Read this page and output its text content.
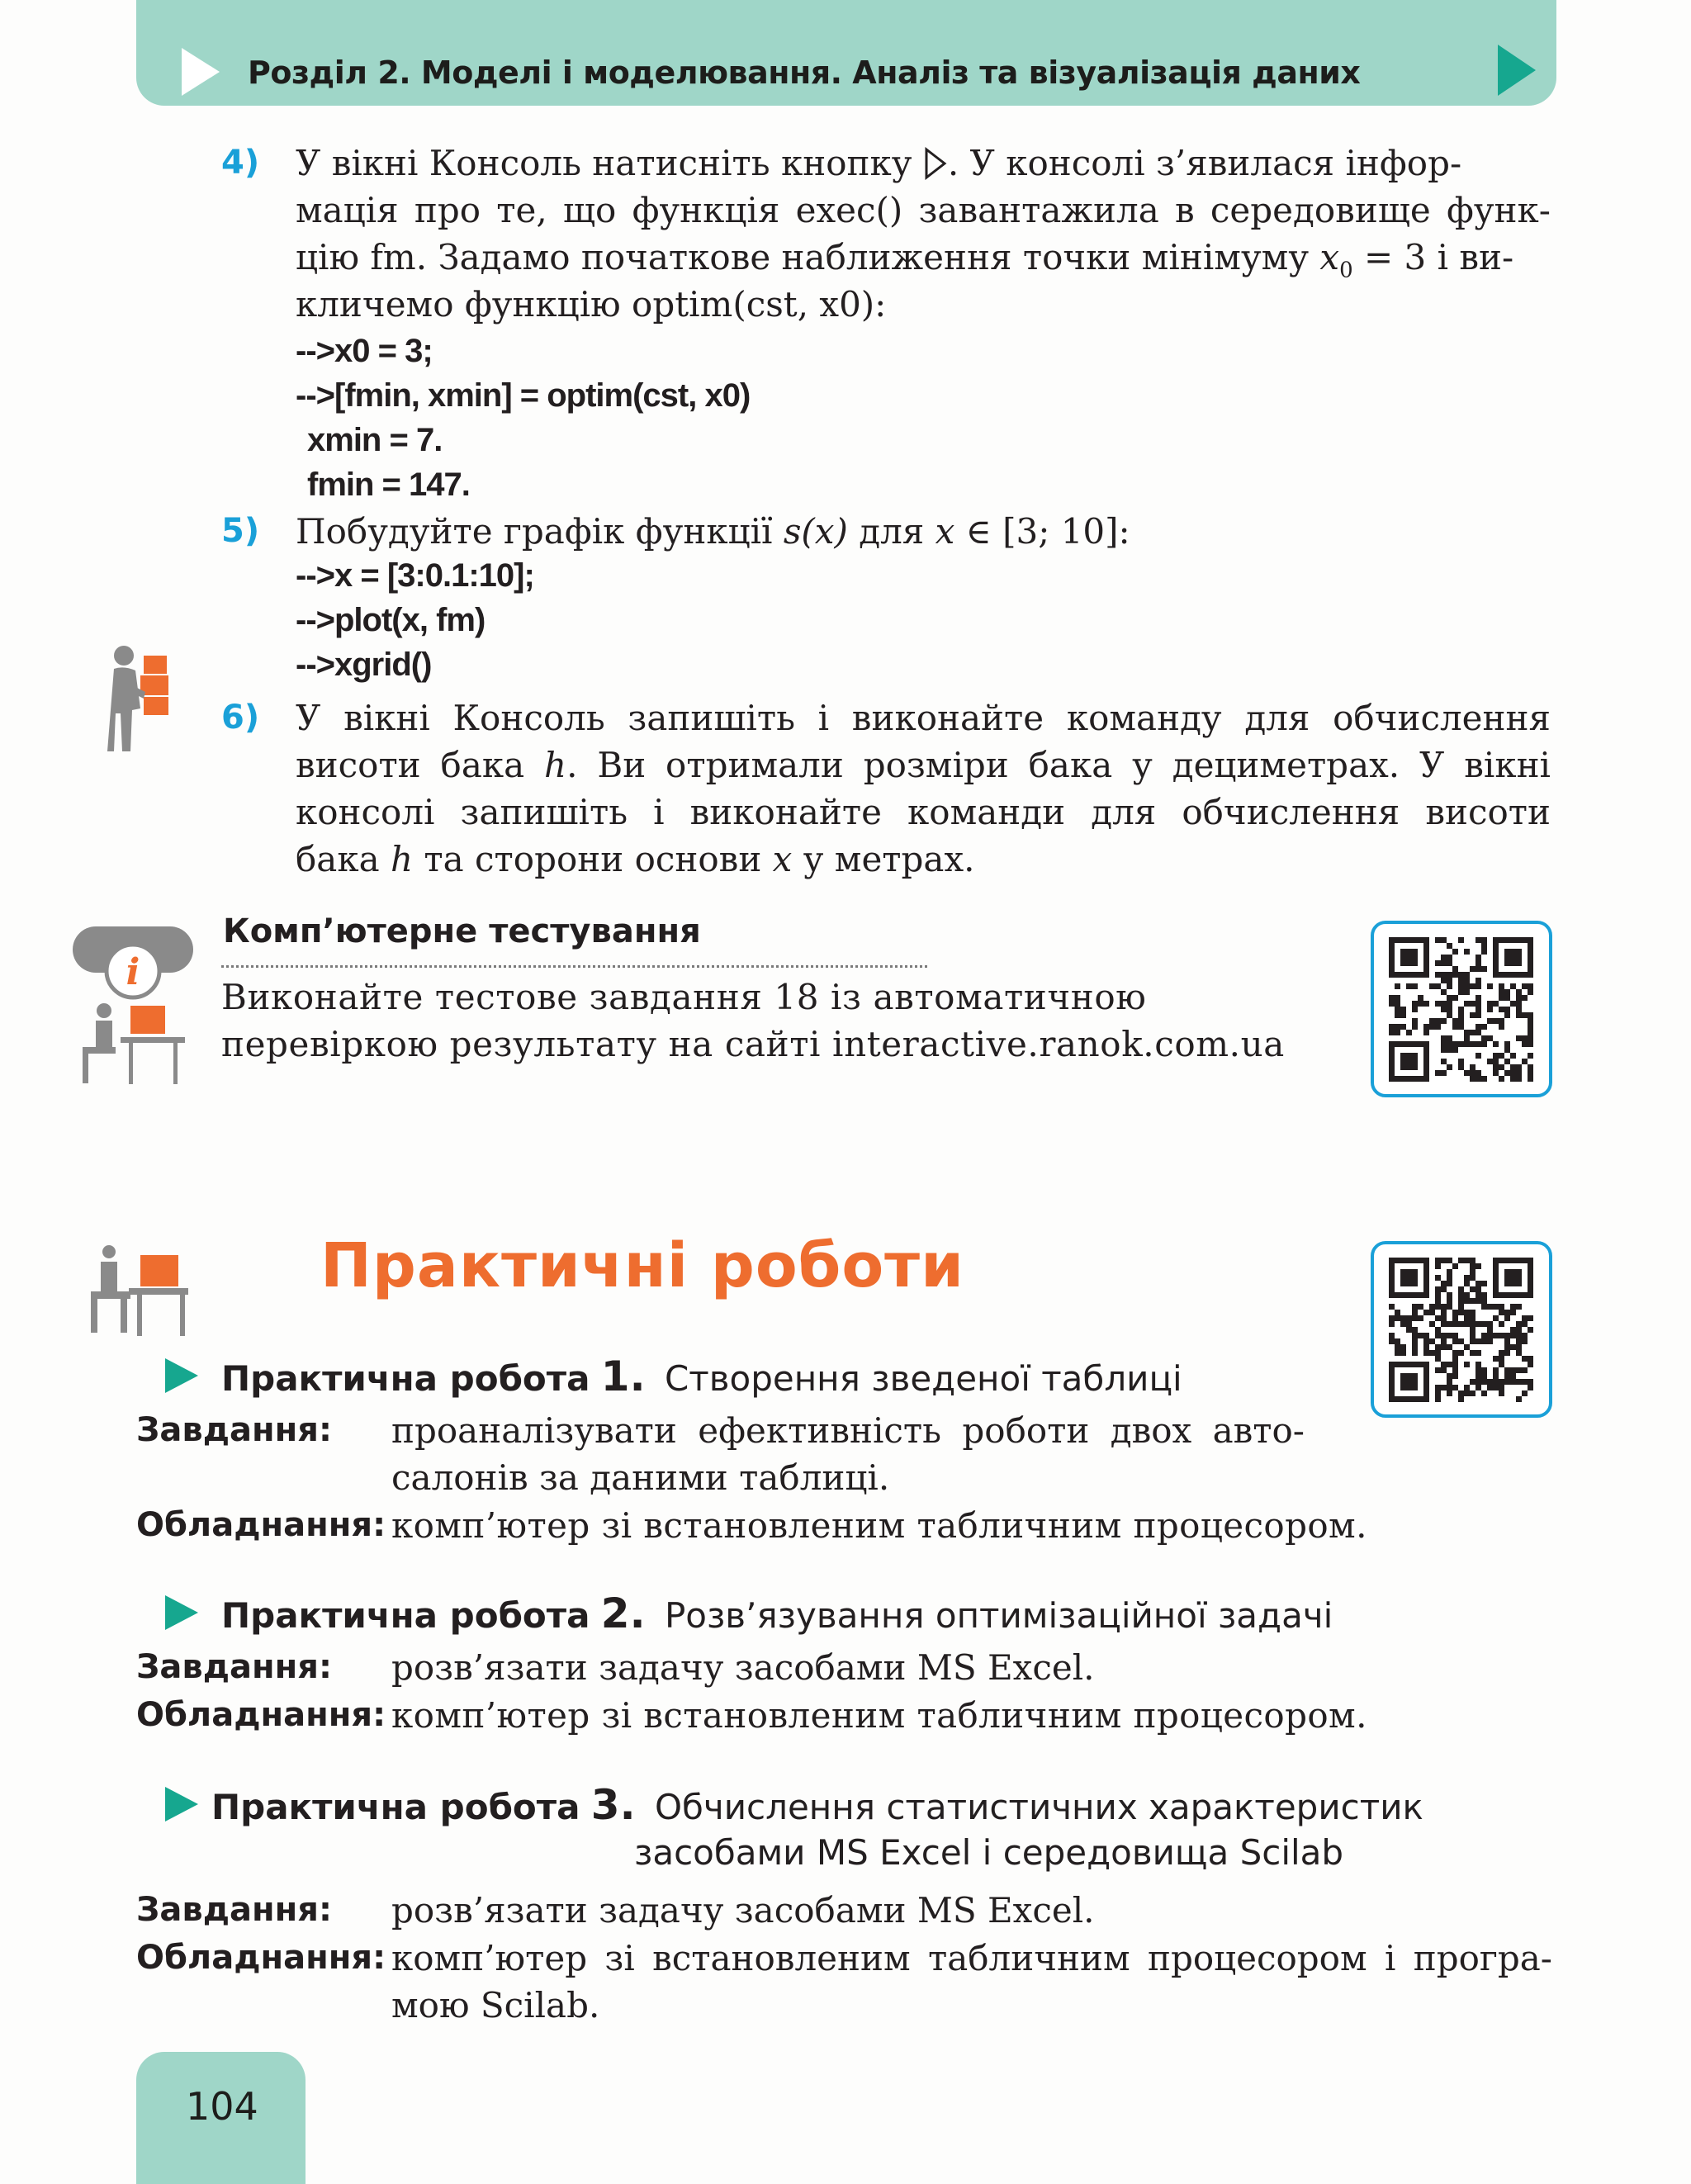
Розділ 2. Моделі і моделювання. Аналіз та візуалізація даних
4) У вікні Консоль натисніть кнопку . У консолі з’явилася інфор-
мація про те, що функція exec() завантажила в середовище функ-
цію fm. Задамо початкове наближення точки мінімуму $x_0 = 3$ і ви-
кличемо функцію optim(cst, x0):
-->x0 = 3;
-->[fmin, xmin] = optim(cst, x0)
xmin = 7.
fmin = 147.
5) Побудуйте графік функції s(x) для x ∈ [3; 10]:
-->x = [3:0.1:10];
-->plot(x, fm)
-->xgrid()
6) У вікні Консоль запишіть і виконайте команду для обчислення
висоти бака h. Ви отримали розміри бака у дециметрах. У вікні
консолі запишіть і виконайте команди для обчислення висоти
бака h та сторони основи x у метрах.
i
Комп’ютерне тестування
Виконайте тестове завдання 18 із автоматичною
перевіркою результату на сайті interactive.ranok.com.ua
Практичні роботи
Практична робота 1. Створення зведеної таблиці
Завдання: проаналізувати ефективність роботи двох авто-
салонів за даними таблиці.
Обладнання: комп’ютер зі встановленим табличним процесором.
Практична робота 2. Розв’язування оптимізаційної задачі
Завдання: розв’язати задачу засобами MS Excel.
Обладнання: комп’ютер зі встановленим табличним процесором.
Практична робота 3. Обчислення статистичних характеристик
засобами MS Excel і середовища Scilab
Завдання: розв’язати задачу засобами MS Excel.
Обладнання: комп’ютер зі встановленим табличним процесором і програ-
мою Scilab.
104
